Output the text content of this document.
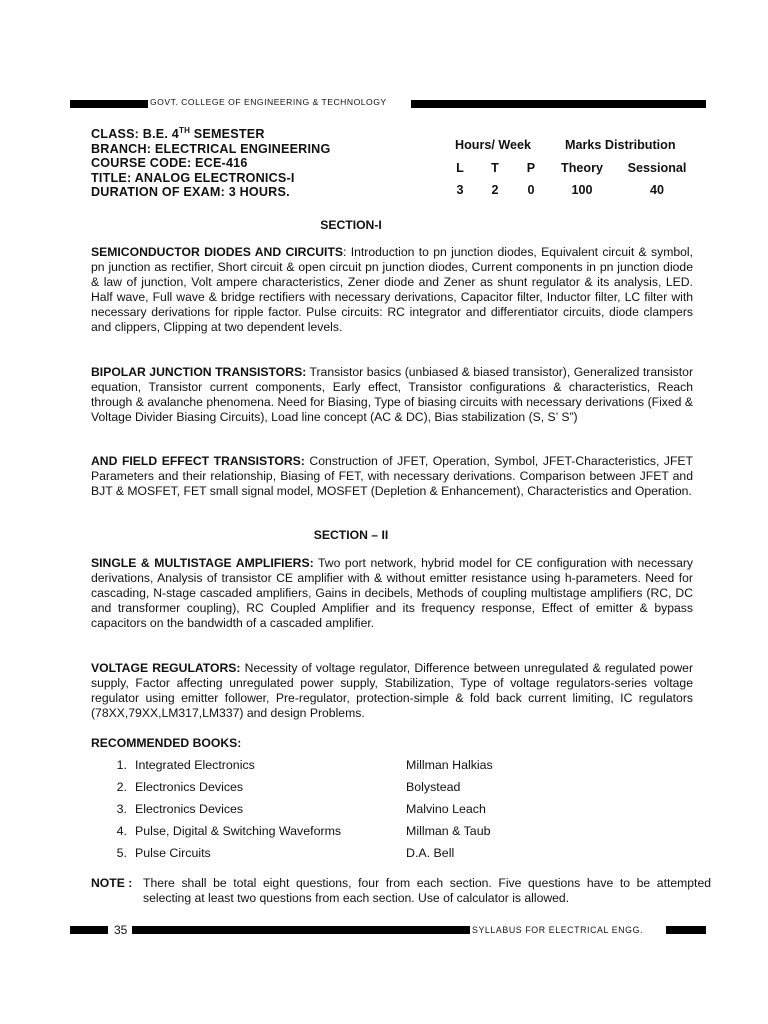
GOVT. COLLEGE OF ENGINEERING & TECHNOLOGY
CLASS: B.E. 4TH SEMESTER
BRANCH: ELECTRICAL ENGINEERING
COURSE CODE: ECE-416
TITLE: ANALOG ELECTRONICS-I
DURATION OF EXAM: 3 HOURS.
Hours/ Week	Marks Distribution
L	T	P	Theory	Sessional
3	2	0	100	40
SECTION-I
SEMICONDUCTOR DIODES AND CIRCUITS: Introduction to pn junction diodes, Equivalent circuit & symbol, pn junction as rectifier, Short circuit & open circuit pn junction diodes, Current components in pn junction diode & law of junction, Volt ampere characteristics, Zener diode and Zener as shunt regulator & its analysis, LED. Half wave, Full wave & bridge rectifiers with necessary derivations, Capacitor filter, Inductor filter, LC filter with necessary derivations for ripple factor. Pulse circuits: RC integrator and differentiator circuits, diode clampers and clippers, Clipping at two dependent levels.
BIPOLAR JUNCTION TRANSISTORS: Transistor basics (unbiased & biased transistor), Generalized transistor equation, Transistor current components, Early effect, Transistor configurations & characteristics, Reach through & avalanche phenomena. Need for Biasing, Type of biasing circuits with necessary derivations (Fixed & Voltage Divider Biasing Circuits), Load line concept (AC & DC), Bias stabilization (S, S’ S”)
AND FIELD EFFECT TRANSISTORS: Construction of JFET, Operation, Symbol, JFET-Characteristics, JFET Parameters and their relationship, Biasing of FET, with necessary derivations. Comparison between JFET and BJT & MOSFET, FET small signal model, MOSFET (Depletion & Enhancement), Characteristics and Operation.
SECTION – II
SINGLE & MULTISTAGE AMPLIFIERS: Two port network, hybrid model for CE configuration with necessary derivations, Analysis of transistor CE amplifier with & without emitter resistance using h-parameters. Need for cascading, N-stage cascaded amplifiers, Gains in decibels, Methods of coupling multistage amplifiers (RC, DC and transformer coupling), RC Coupled Amplifier and its frequency response, Effect of emitter & bypass capacitors on the bandwidth of a cascaded amplifier.
VOLTAGE REGULATORS: Necessity of voltage regulator, Difference between unregulated & regulated power supply, Factor affecting unregulated power supply, Stabilization, Type of voltage regulators-series voltage regulator using emitter follower, Pre-regulator, protection-simple & fold back current limiting, IC regulators (78XX,79XX,LM317,LM337) and design Problems.
RECOMMENDED BOOKS:
1. Integrated Electronics	Millman Halkias
2. Electronics Devices	Bolystead
3. Electronics Devices	Malvino Leach
4. Pulse, Digital & Switching Waveforms	Millman & Taub
5. Pulse Circuits	D.A. Bell
NOTE : There shall be total eight questions, four from each section. Five questions have to be attempted selecting at least two questions from each section. Use of calculator is allowed.
35	SYLLABUS FOR ELECTRICAL ENGG.
